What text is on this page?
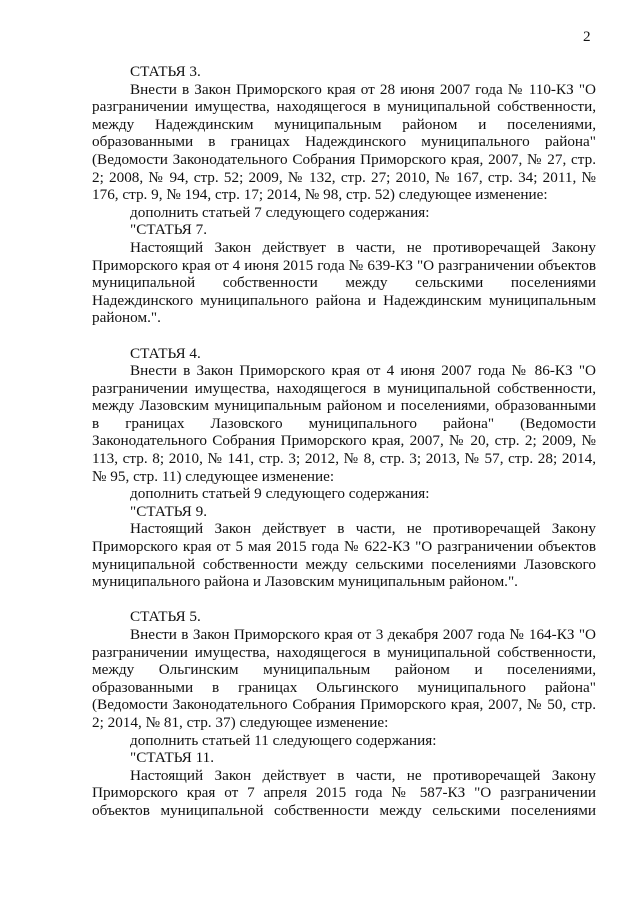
2

СТАТЬЯ 3.

Внести в Закон Приморского края от 28 июня 2007 года № 110-КЗ "О разграничении имущества, находящегося в муниципальной собственности, между Надеждинским муниципальным районом и поселениями, образованными в границах Надеждинского муниципального района" (Ведомости Законодательного Собрания Приморского края, 2007, № 27, стр. 2; 2008, № 94, стр. 52; 2009, № 132, стр. 27; 2010, № 167, стр. 34; 2011, № 176, стр. 9, № 194, стр. 17; 2014, № 98, стр. 52) следующее изменение:

дополнить статьей 7 следующего содержания:

"СТАТЬЯ 7.

Настоящий Закон действует в части, не противоречащей Закону Приморского края от 4 июня 2015 года № 639-КЗ "О разграничении объектов муниципальной собственности между сельскими поселениями Надеждинского муниципального района и Надеждинским муниципальным районом.".

СТАТЬЯ 4.

Внести в Закон Приморского края от 4 июня 2007 года № 86-КЗ "О разграничении имущества, находящегося в муниципальной собственности, между Лазовским муниципальным районом и поселениями, образованными в границах Лазовского муниципального района" (Ведомости Законодательного Собрания Приморского края, 2007, № 20, стр. 2; 2009, № 113, стр. 8; 2010, № 141, стр. 3; 2012, № 8, стр. 3; 2013, № 57, стр. 28; 2014, № 95, стр. 11) следующее изменение:

дополнить статьей 9 следующего содержания:

"СТАТЬЯ 9.

Настоящий Закон действует в части, не противоречащей Закону Приморского края от 5 мая 2015 года № 622-КЗ "О разграничении объектов муниципальной собственности между сельскими поселениями Лазовского муниципального района и Лазовским муниципальным районом.".

СТАТЬЯ 5.

Внести в Закон Приморского края от 3 декабря 2007 года № 164-КЗ "О разграничении имущества, находящегося в муниципальной собственности, между Ольгинским муниципальным районом и поселениями, образованными в границах Ольгинского муниципального района" (Ведомости Законодательного Собрания Приморского края, 2007, № 50, стр. 2; 2014, № 81, стр. 37) следующее изменение:

дополнить статьей 11 следующего содержания:

"СТАТЬЯ 11.

Настоящий Закон действует в части, не противоречащей Закону Приморского края от 7 апреля 2015 года № 587-КЗ "О разграничении объектов муниципальной собственности между сельскими поселениями
